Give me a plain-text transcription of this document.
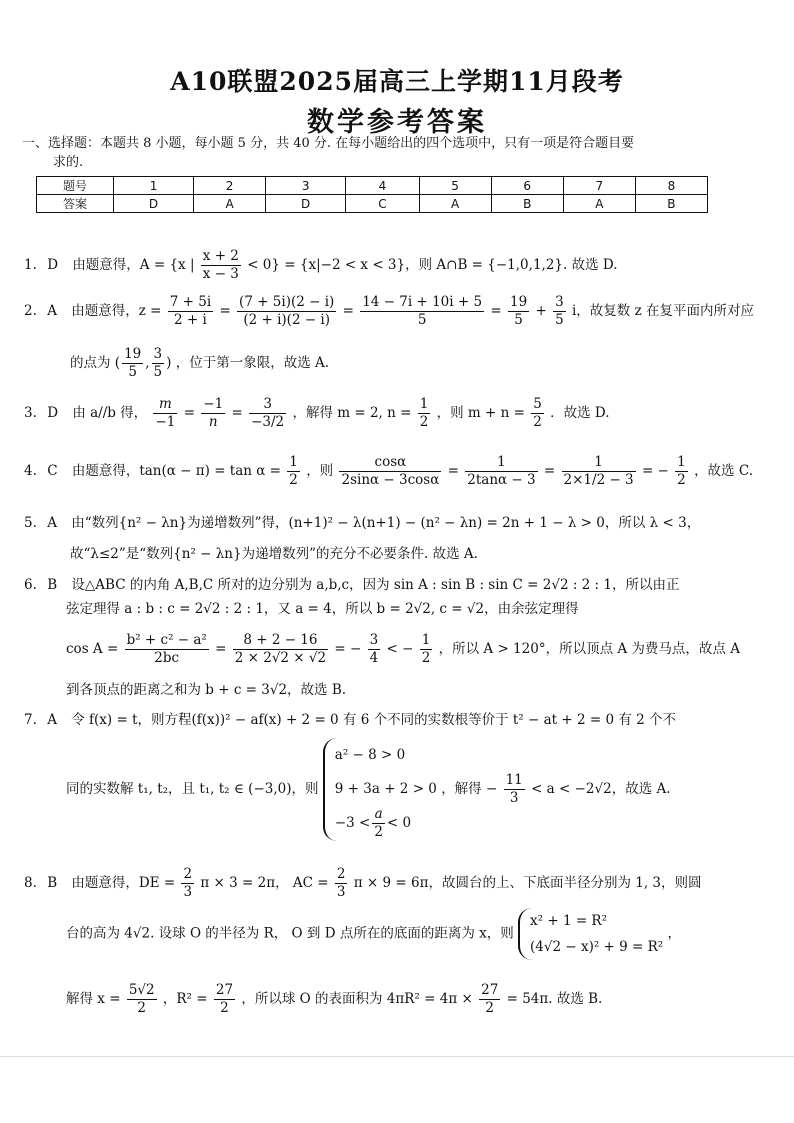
A10联盟2025届高三上学期11月段考
数学参考答案
一、选择题：本题共 8 小题，每小题 5 分，共 40 分. 在每小题给出的四个选项中，只有一项是符合题目要
求的.
题号	1	2	3	4	5	6	7	8
答案	D	A	D	C	A	B	A	B
1. D 由题意得，A = {x | $\frac{x + 2}{x - 3} < 0\} = \{x|-2 < x < 3\}$，则 A∩B = {−1,0,1,2}. 故选 D.
2. A 由题意得，$z = \frac{7 + 5i}{2 + i} = \frac{(7 + 5i)(2 - i)}{(2 + i)(2 - i)} = \frac{14 - 7i + 10i + 5}{5} = \frac{19}{5} + \frac{3}{5}$ i，故复数 z 在复平面内所对应
的点为 ( $\frac{19}{5}$ , $\frac{3}{5}$ ) ，位于第一象限，故选 A.
3. D 由 a//b 得， $\frac{m}{-1} = \frac{-1}{n} = \frac{3}{-3/2}$ ，解得 m = 2, $n = \frac{1}{2}$ ，则 $m + n = \frac{5}{2}$ ．故选 D.
4. C 由题意得，$\tan(\alpha - \pi) = \tan \alpha = \frac{1}{2}$ ，则 $\frac{\cos\alpha}{2\sin\alpha - 3\cos\alpha} = \frac{1}{2\tan\alpha - 3} = \frac{1}{2\times 1/2 - 3}$ = − $\frac{1}{2}$ ，故选 C.
5. A 由“数列{n² − λn}为递增数列”得，(n+1)² − λ(n+1) − (n² − λn) = 2n + 1 − λ > 0，所以 λ < 3，
故“λ≤2”是“数列{n² − λn}为递增数列”的充分不必要条件. 故选 A.
6. B 设△ABC 的内角 A,B,C 所对的边分别为 a,b,c，因为 sin A : sin B : sin C = 2√2 : 2 : 1，所以由正
弦定理得 a : b : c = 2√2 : 2 : 1，又 a = 4，所以 b = 2√2, c = √2，由余弦定理得
$\cos A = \frac{\text{b² + c² − a²}}{2bc} = \frac{8 + 2 - 16}{2 \times 2√2 \times √2}$ = − $\frac{3}{4}$ < − $\frac{1}{2}$ ，所以 A > 120°，所以顶点 A 为费马点，故点 A
到各顶点的距离之和为 b + c = 3√2，故选 B.
7. A 令 f(x) = t，则方程(f(x))² − af(x) + 2 = 0 有 6 个不同的实数根等价于 t² − at + 2 = 0 有 2 个不
同的实数解 t₁, t₂，且 t₁, t₂ ∈ (−3,0)，则
a² − 8 > 0
9 + 3a + 2 > 0
$-3 < \frac{a}{2} < 0$
，解得 − $\frac{11}{3} < a < -2√2$，故选 A.
8. B 由题意得，DE = $\frac{2}{3}$ π × 3 = 2π， AC = $\frac{2}{3}$ π × 9 = 6π，故圆台的上、下底面半径分别为 1, 3，则圆
台的高为 4√2. 设球 O 的半径为 R， O 到 D 点所在的底面的距离为 x，则
x² + 1 = R²
(4√2 − x)² + 9 = R²
，
解得 $x = \frac{5√2}{2}$ ，$R^2 = \frac{27}{2}$ ，所以球 O 的表面积为 $4\pi R^2 = 4\pi \times \frac{27}{2} = 54\pi$. 故选 B.
